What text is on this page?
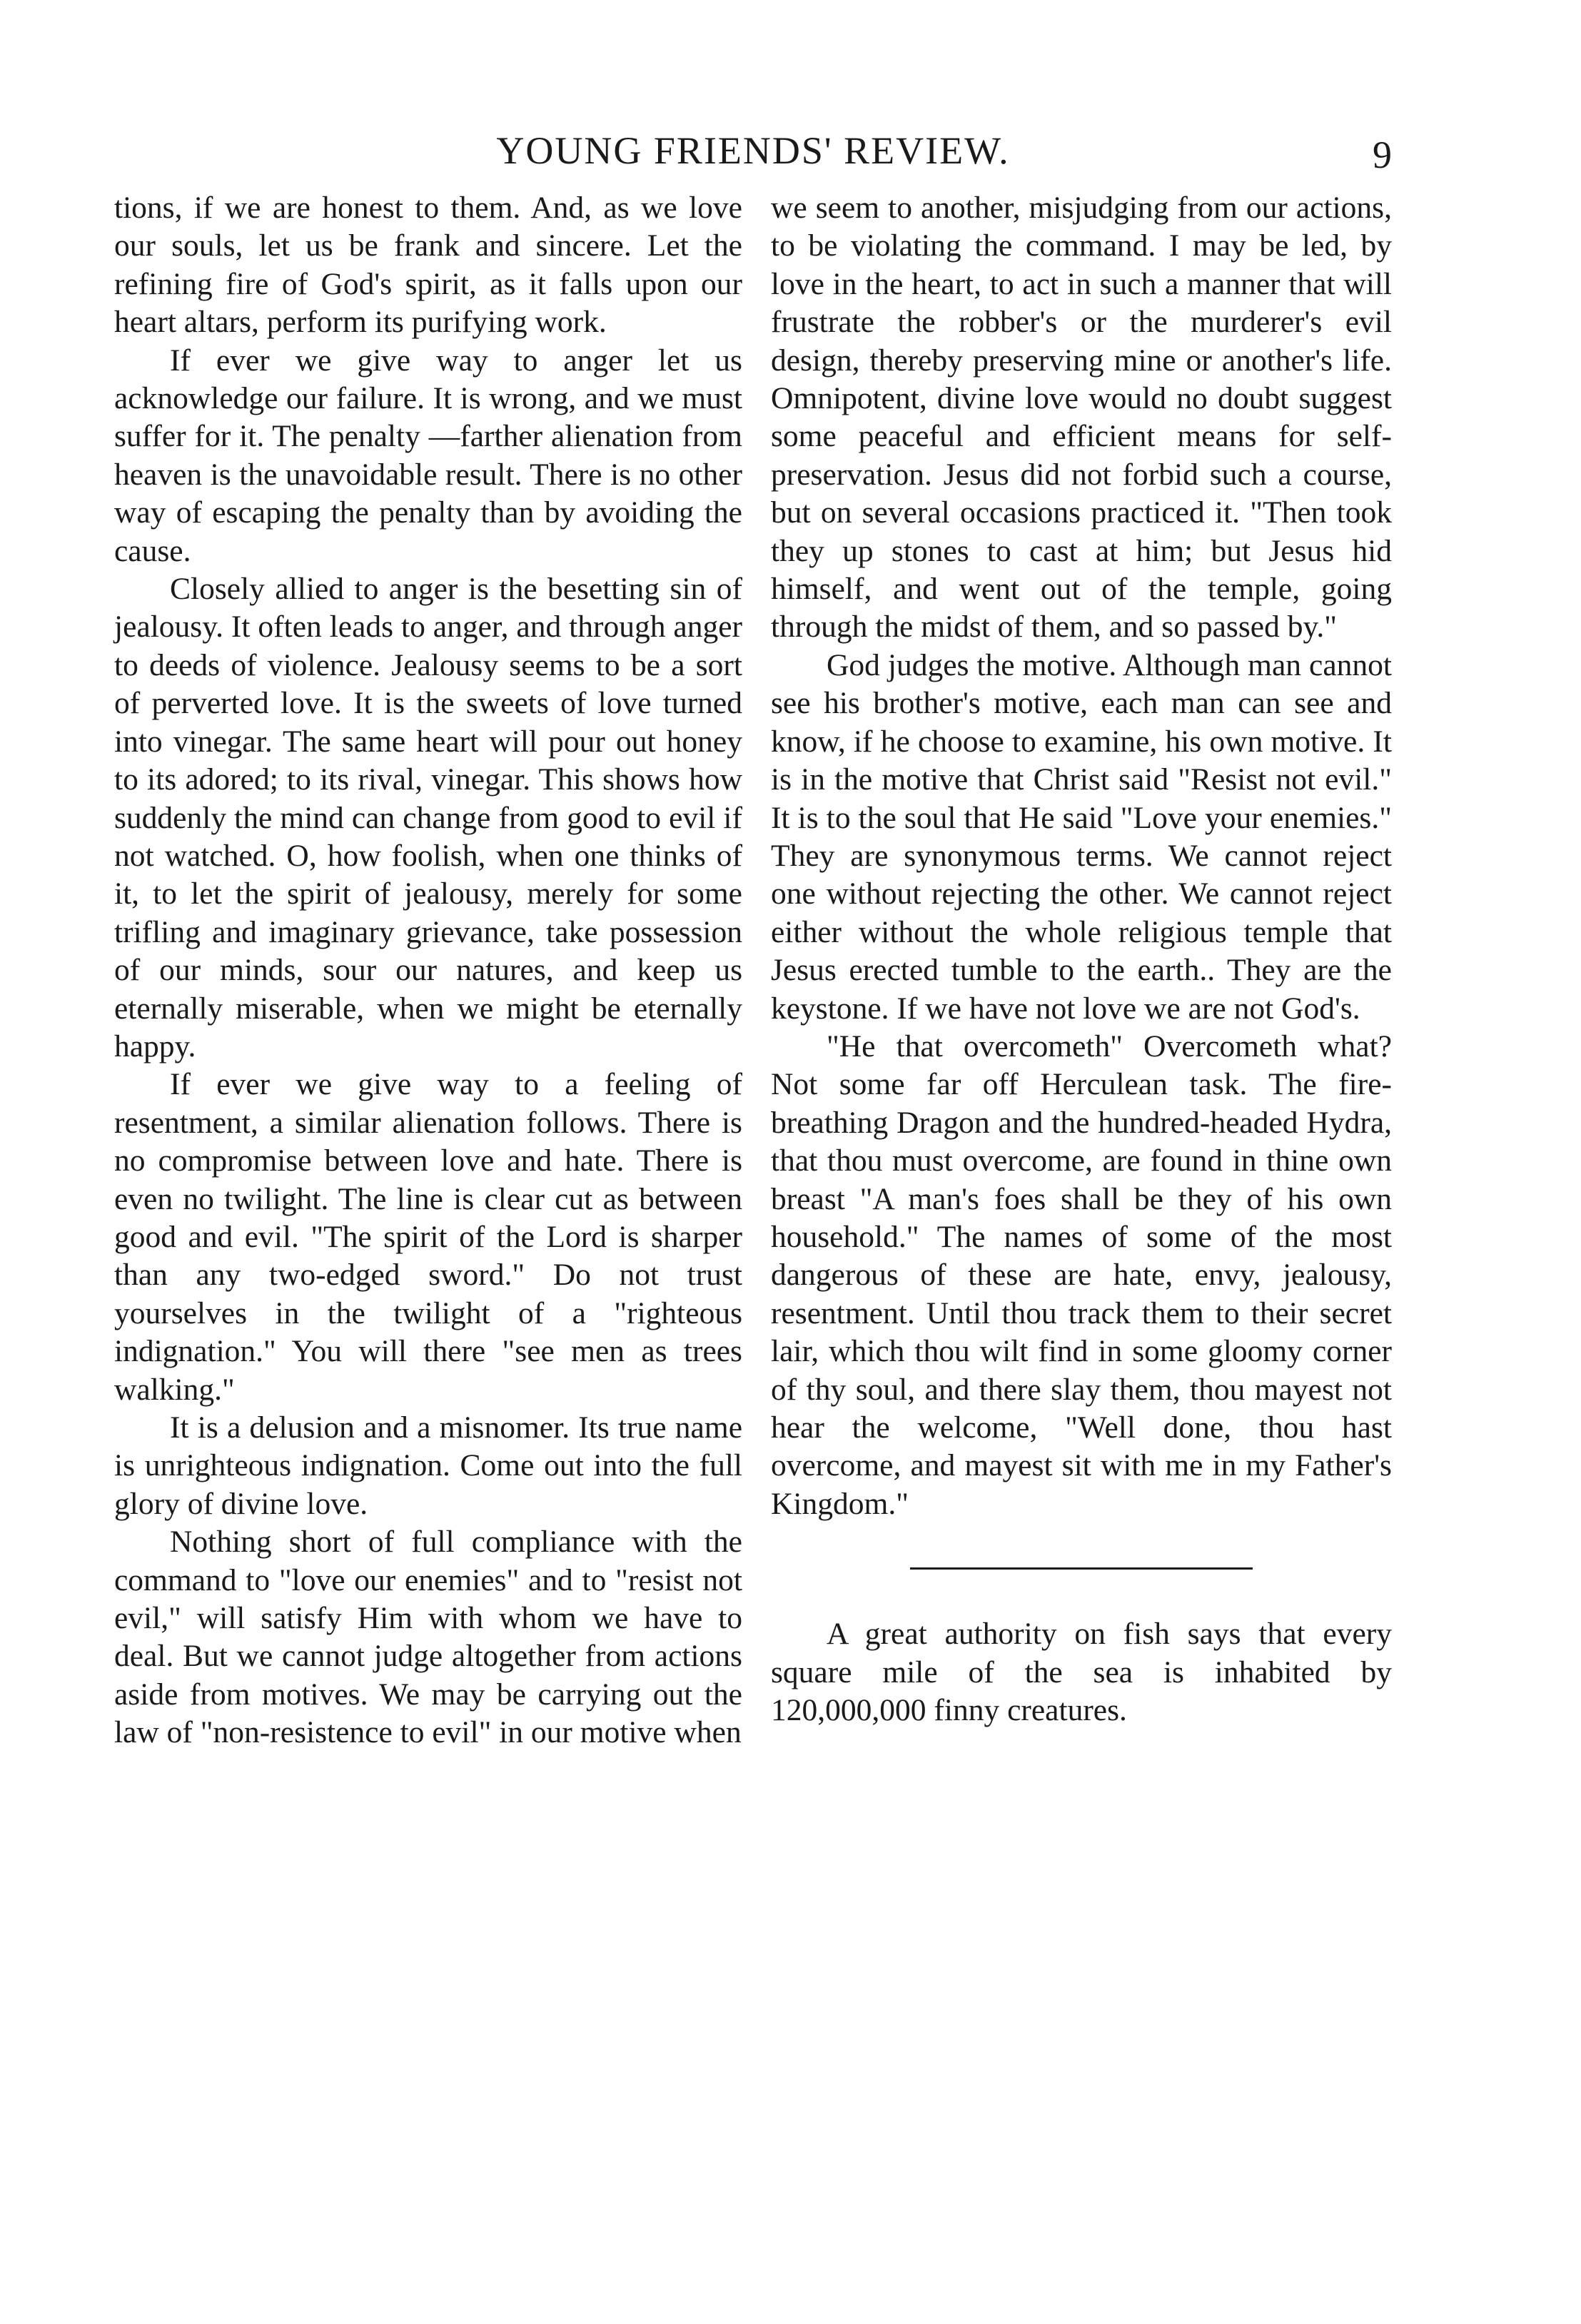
YOUNG FRIENDS' REVIEW.	9

tions, if we are honest to them. And, as we love our souls, let us be frank and sincere. Let the refining fire of God's spirit, as it falls upon our heart altars, perform its purifying work.

If ever we give way to anger let us acknowledge our failure. It is wrong, and we must suffer for it. The penalty —farther alienation from heaven is the unavoidable result. There is no other way of escaping the penalty than by avoiding the cause.

Closely allied to anger is the besetting sin of jealousy. It often leads to anger, and through anger to deeds of violence. Jealousy seems to be a sort of perverted love. It is the sweets of love turned into vinegar. The same heart will pour out honey to its adored; to its rival, vinegar. This shows how suddenly the mind can change from good to evil if not watched. O, how foolish, when one thinks of it, to let the spirit of jealousy, merely for some trifling and imaginary grievance, take possession of our minds, sour our natures, and keep us eternally miserable, when we might be eternally happy.

If ever we give way to a feeling of resentment, a similar alienation follows. There is no compromise between love and hate. There is even no twilight. The line is clear cut as between good and evil. "The spirit of the Lord is sharper than any two-edged sword." Do not trust yourselves in the twilight of a "righteous indignation." You will there "see men as trees walking."

It is a delusion and a misnomer. Its true name is unrighteous indignation. Come out into the full glory of divine love.

Nothing short of full compliance with the command to "love our enemies" and to "resist not evil," will satisfy Him with whom we have to deal. But we cannot judge altogether from actions aside from motives. We may be carrying out the law of "non-resistence to evil" in our motive when

we seem to another, misjudging from our actions, to be violating the command. I may be led, by love in the heart, to act in such a manner that will frustrate the robber's or the murderer's evil design, thereby preserving mine or another's life. Omnipotent, divine love would no doubt suggest some peaceful and efficient means for self-preservation. Jesus did not forbid such a course, but on several occasions practiced it. "Then took they up stones to cast at him; but Jesus hid himself, and went out of the temple, going through the midst of them, and so passed by."

God judges the motive. Although man cannot see his brother's motive, each man can see and know, if he choose to examine, his own motive. It is in the motive that Christ said "Resist not evil." It is to the soul that He said "Love your enemies." They are synonymous terms. We cannot reject one without rejecting the other. We cannot reject either without the whole religious temple that Jesus erected tumble to the earth.. They are the keystone. If we have not love we are not God's.

"He that overcometh" Overcometh what? Not some far off Herculean task. The fire-breathing Dragon and the hundred-headed Hydra, that thou must overcome, are found in thine own breast "A man's foes shall be they of his own household." The names of some of the most dangerous of these are hate, envy, jealousy, resentment. Until thou track them to their secret lair, which thou wilt find in some gloomy corner of thy soul, and there slay them, thou mayest not hear the welcome, "Well done, thou hast overcome, and mayest sit with me in my Father's Kingdom."

A great authority on fish says that every square mile of the sea is inhabited by 120,000,000 finny creatures.
